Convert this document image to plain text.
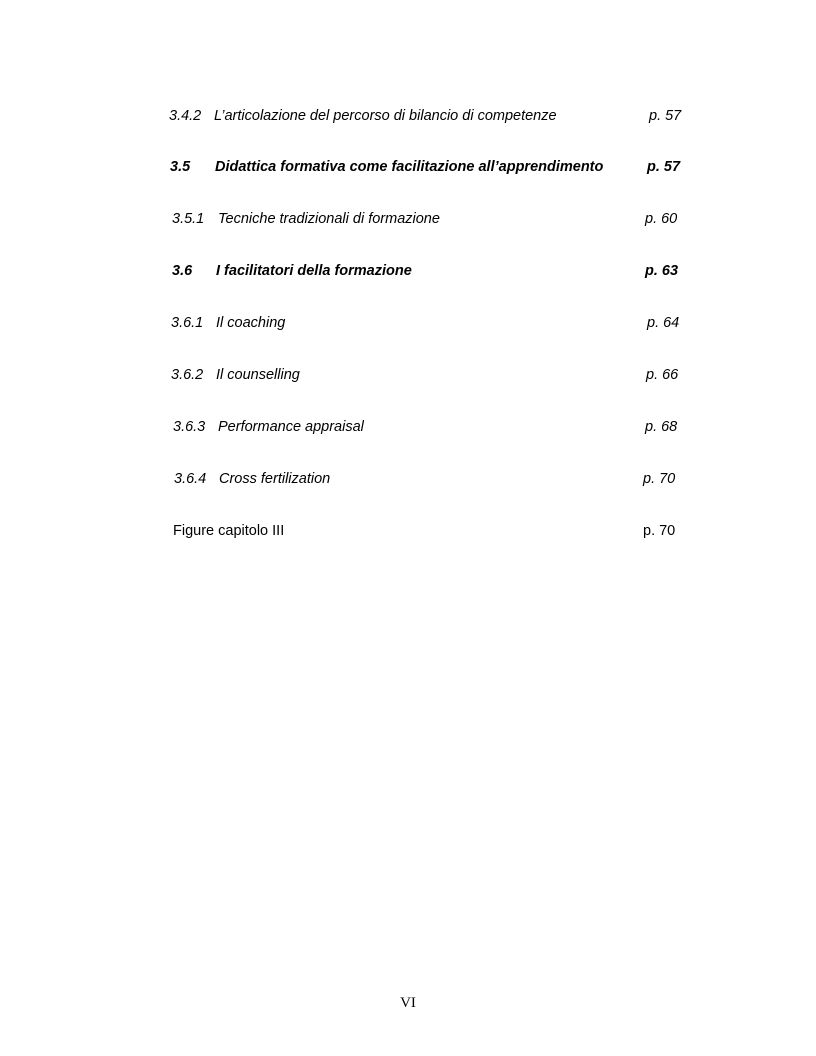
3.4.2 L’articolazione del percorso di bilancio di competenze	p. 57
3.5 Didattica formativa come facilitazione all’apprendimento	p. 57
3.5.1 Tecniche tradizionali di formazione	p. 60
3.6 I facilitatori della formazione	p. 63
3.6.1 Il coaching	p. 64
3.6.2 Il counselling	p. 66
3.6.3 Performance appraisal	p. 68
3.6.4 Cross fertilization	p. 70
Figure capitolo III	p. 70
VI
